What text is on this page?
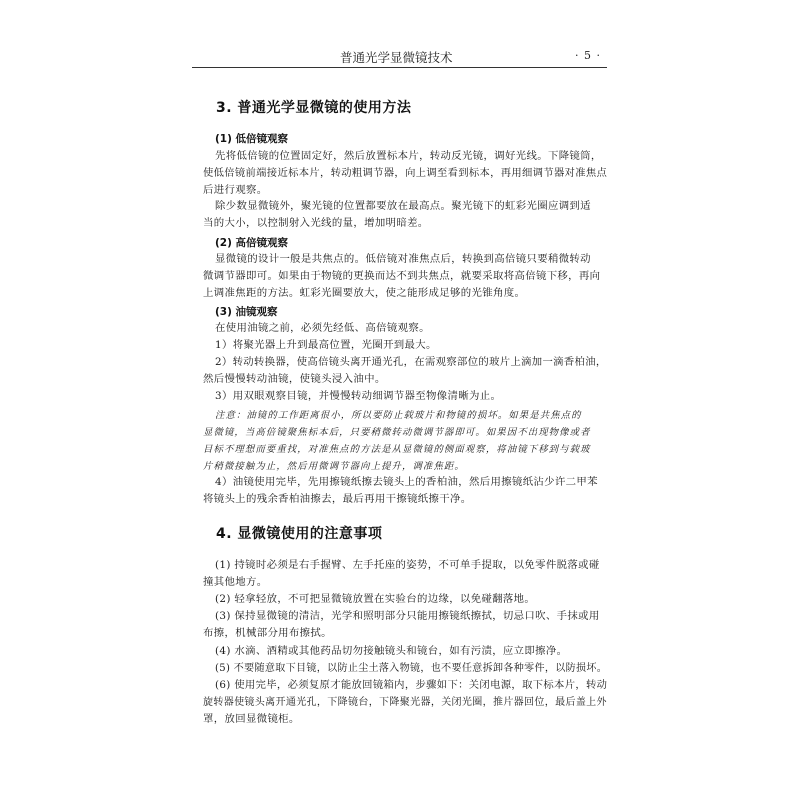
普通光学显微镜技术	· 5 ·
3. 普通光学显微镜的使用方法
(1) 低倍镜观察
先将低倍镜的位置固定好，然后放置标本片，转动反光镜，调好光线。下降镜筒，
使低倍镜前端接近标本片，转动粗调节器，向上调至看到标本，再用细调节器对准焦点
后进行观察。
除少数显微镜外，聚光镜的位置都要放在最高点。聚光镜下的虹彩光圈应调到适
当的大小，以控制射入光线的量，增加明暗差。
(2) 高倍镜观察
显微镜的设计一般是共焦点的。低倍镜对准焦点后，转换到高倍镜只要稍微转动
微调节器即可。如果由于物镜的更换而达不到共焦点，就要采取将高倍镜下移，再向
上调准焦距的方法。虹彩光圈要放大，使之能形成足够的光锥角度。
(3) 油镜观察
在使用油镜之前，必须先经低、高倍镜观察。
1）将聚光器上升到最高位置，光圈开到最大。
2）转动转换器，使高倍镜头离开通光孔，在需观察部位的玻片上滴加一滴香柏油，
然后慢慢转动油镜，使镜头浸入油中。
3）用双眼观察目镜，并慢慢转动细调节器至物像清晰为止。
注意：油镜的工作距离很小，所以要防止载玻片和物镜的损坏。如果是共焦点的
显微镜，当高倍镜聚焦标本后，只要稍微转动微调节器即可。如果因不出现物像或者
目标不理想而要重找，对准焦点的方法是从显微镜的侧面观察，将油镜下移到与载玻
片稍微接触为止，然后用微调节器向上提升，调准焦距。
4）油镜使用完毕，先用擦镜纸擦去镜头上的香柏油，然后用擦镜纸沾少许二甲苯
将镜头上的残余香柏油擦去，最后再用干擦镜纸擦干净。
4. 显微镜使用的注意事项
(1) 持镜时必须是右手握臂、左手托座的姿势，不可单手提取，以免零件脱落或碰
撞其他地方。
(2) 轻拿轻放，不可把显微镜放置在实验台的边缘，以免碰翻落地。
(3) 保持显微镜的清洁，光学和照明部分只能用擦镜纸擦拭，切忌口吹、手抹或用
布擦，机械部分用布擦拭。
(4) 水滴、酒精或其他药品切勿接触镜头和镜台，如有污渍，应立即擦净。
(5) 不要随意取下目镜，以防止尘土落入物镜，也不要任意拆卸各种零件，以防损坏。
(6) 使用完毕，必须复原才能放回镜箱内，步骤如下：关闭电源，取下标本片，转动
旋转器使镜头离开通光孔，下降镜台，下降聚光器，关闭光圈，推片器回位，最后盖上外
罩，放回显微镜柜。
